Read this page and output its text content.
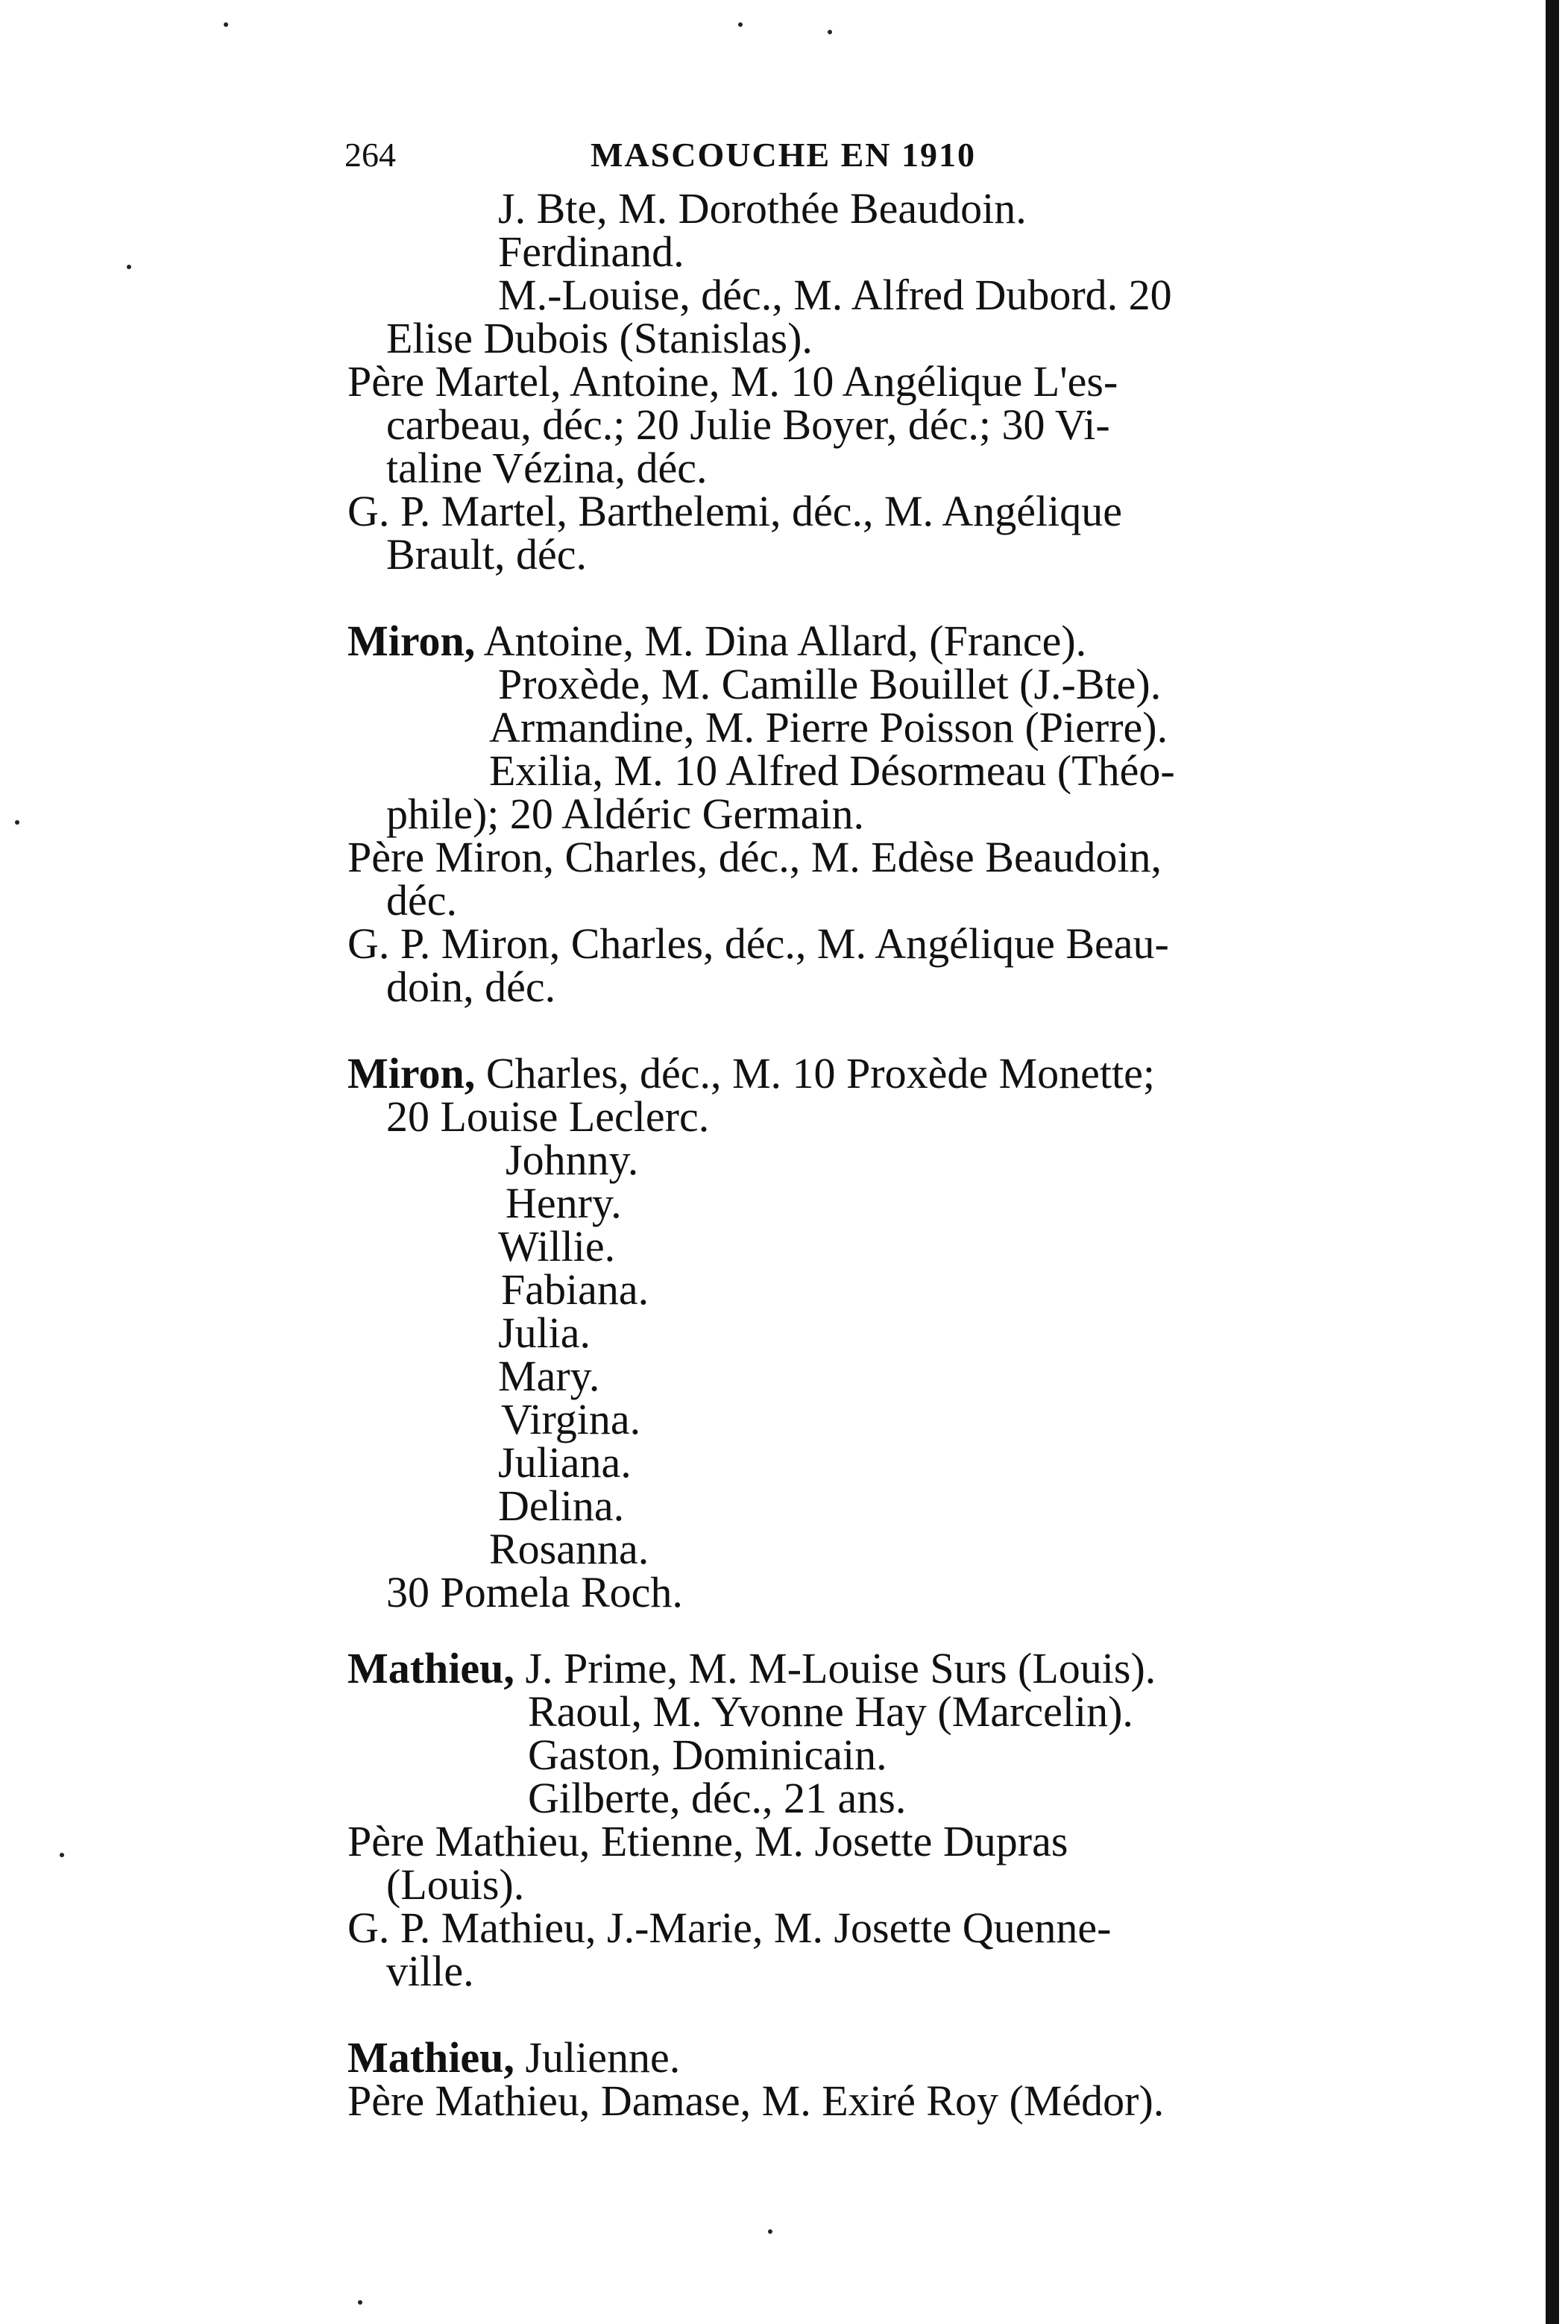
264	MASCOUCHE EN 1910
J. Bte, M. Dorothée Beaudoin.
Ferdinand.
M.-Louise, déc., M. Alfred Dubord. 20
Elise Dubois (Stanislas).
Père Martel, Antoine, M. 10 Angélique L'es-
carbeau, déc.; 20 Julie Boyer, déc.; 30 Vi-
taline Vézina, déc.
G. P. Martel, Barthelemi, déc., M. Angélique
Brault, déc.
Miron, Antoine, M. Dina Allard, (France).
Proxède, M. Camille Bouillet (J.-Bte).
Armandine, M. Pierre Poisson (Pierre).
Exilia, M. 10 Alfred Désormeau (Théo-
phile); 20 Aldéric Germain.
Père Miron, Charles, déc., M. Edèse Beaudoin,
déc.
G. P. Miron, Charles, déc., M. Angélique Beau-
doin, déc.
Miron, Charles, déc., M. 10 Proxède Monette;
20 Louise Leclerc.
Johnny.
Henry.
Willie.
Fabiana.
Julia.
Mary.
Virgina.
Juliana.
Delina.
Rosanna.
30 Pomela Roch.
Mathieu, J. Prime, M. M-Louise Surs (Louis).
Raoul, M. Yvonne Hay (Marcelin).
Gaston, Dominicain.
Gilberte, déc., 21 ans.
Père Mathieu, Etienne, M. Josette Dupras
(Louis).
G. P. Mathieu, J.-Marie, M. Josette Quenne-
ville.
Mathieu, Julienne.
Père Mathieu, Damase, M. Exiré Roy (Médor).
